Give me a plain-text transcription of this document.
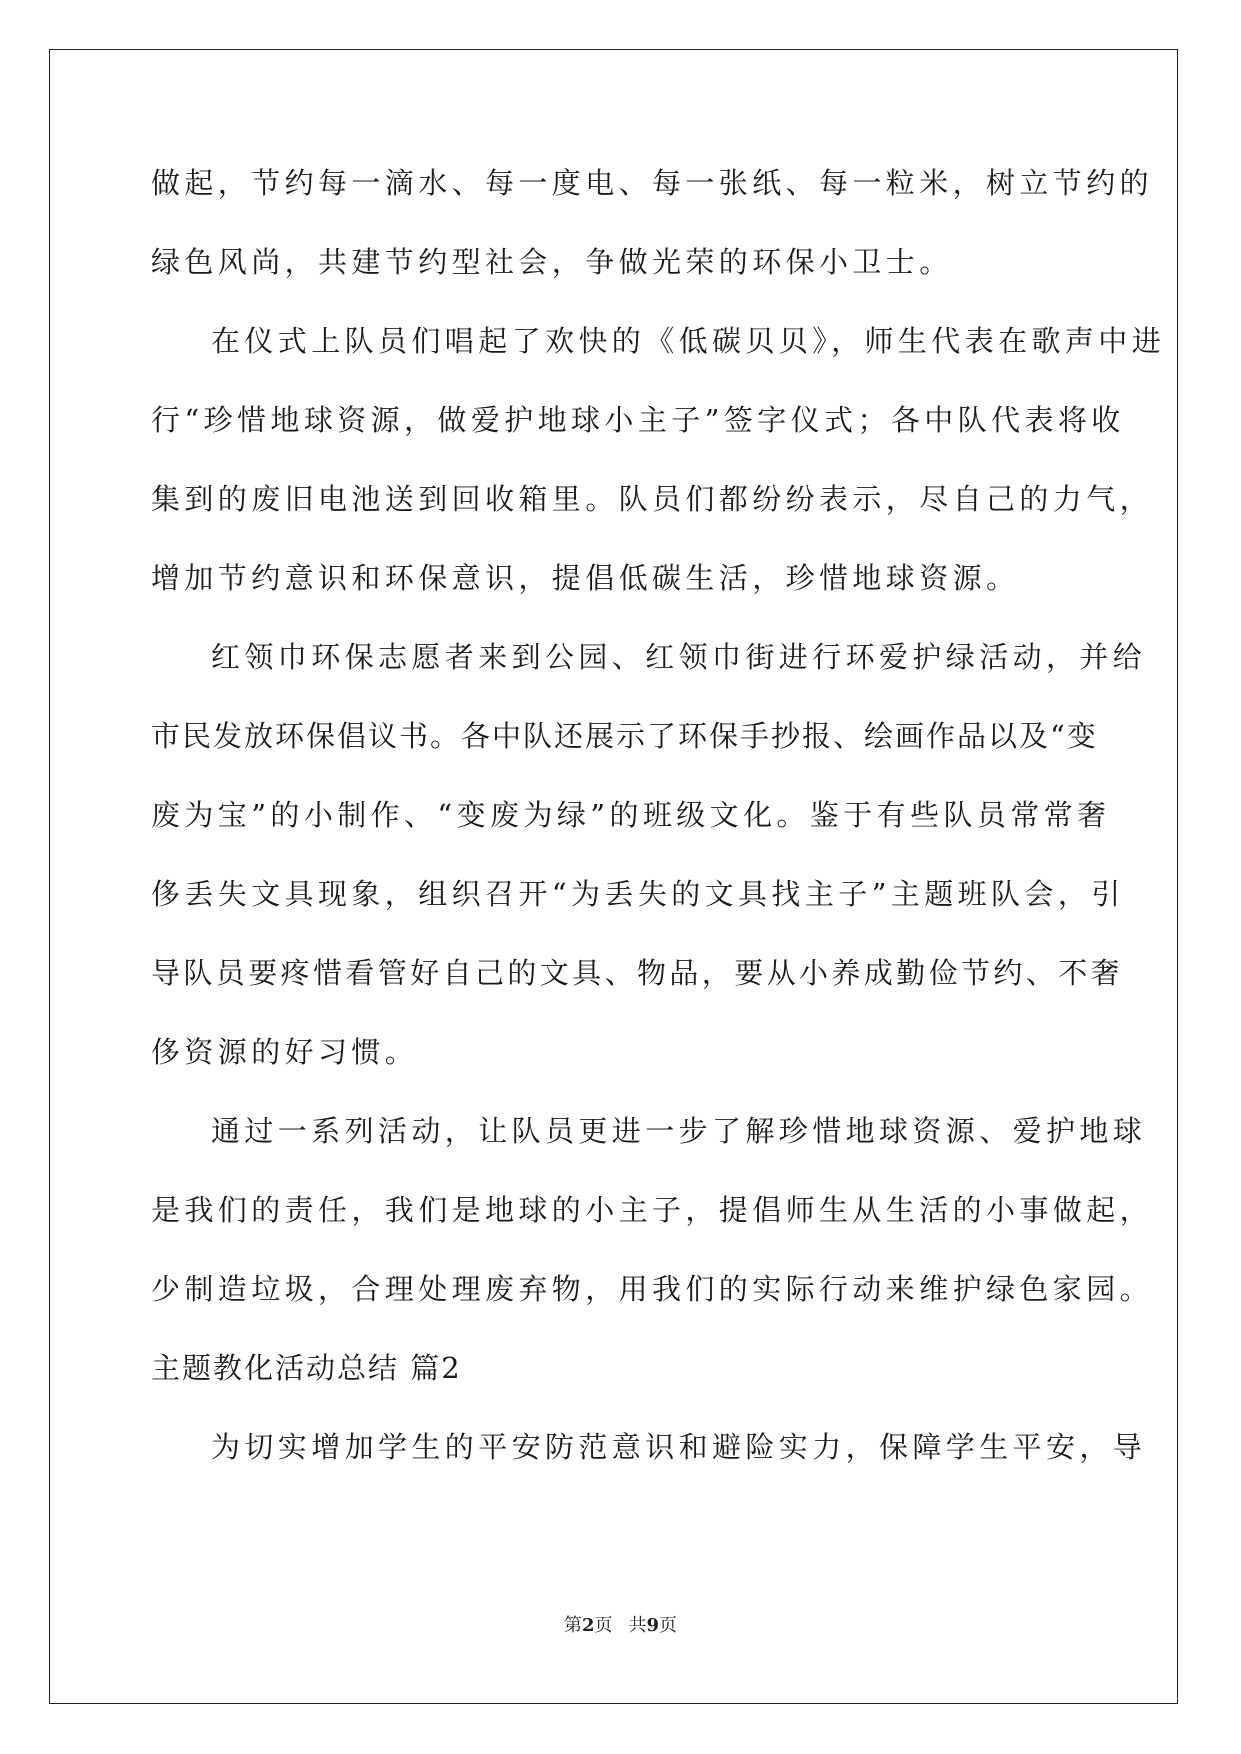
做起，节约每一滴水、每一度电、每一张纸、每一粒米，树立节约的
绿色风尚，共建节约型社会，争做光荣的环保小卫士。
在仪式上队员们唱起了欢快的《低碳贝贝》，师生代表在歌声中进
行“珍惜地球资源，做爱护地球小主子”签字仪式；各中队代表将收
集到的废旧电池送到回收箱里。队员们都纷纷表示，尽自己的力气，
增加节约意识和环保意识，提倡低碳生活，珍惜地球资源。
红领巾环保志愿者来到公园、红领巾街进行环爱护绿活动，并给
市民发放环保倡议书。各中队还展示了环保手抄报、绘画作品以及“变
废为宝”的小制作、“变废为绿”的班级文化。鉴于有些队员常常奢
侈丢失文具现象，组织召开“为丢失的文具找主子”主题班队会，引
导队员要疼惜看管好自己的文具、物品，要从小养成勤俭节约、不奢
侈资源的好习惯。
通过一系列活动，让队员更进一步了解珍惜地球资源、爱护地球
是我们的责任，我们是地球的小主子，提倡师生从生活的小事做起，
少制造垃圾，合理处理废弃物，用我们的实际行动来维护绿色家园。
主题教化活动总结 篇2
为切实增加学生的平安防范意识和避险实力，保障学生平安，导
第2页 共9页
